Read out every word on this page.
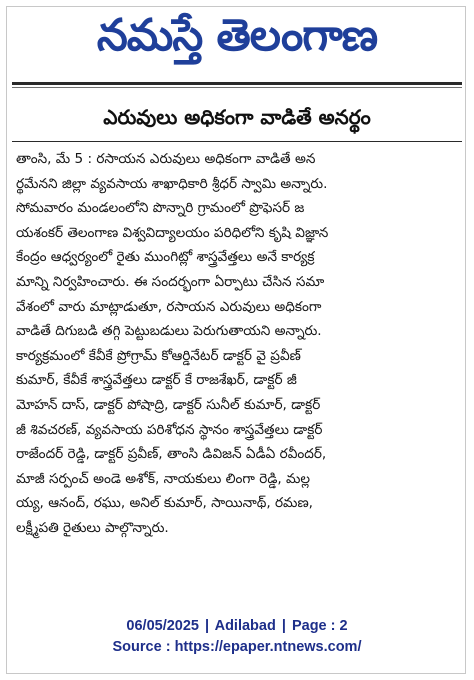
నమస్తే తెలంగాణ
ఎరువులు అధికంగా వాడితే అనర్థం
తాంసి, మే 5 : రసాయన ఎరువులు అధికంగా వాడితే అన
ర్థమేనని జిల్లా వ్యవసాయ శాఖాధికారి శ్రీధర్ స్వామి అన్నారు.
సోమవారం మండలంలోని పొన్నారి గ్రామంలో ప్రొఫెసర్ జ
యశంకర్ తెలంగాణ విశ్వవిద్యాలయం పరిధిలోని కృషి విజ్ఞాన
కేంద్రం ఆధ్వర్యంలో రైతు ముంగిట్లో శాస్త్రవేత్తలు అనే కార్యక్ర
మాన్ని నిర్వహించారు. ఈ సందర్భంగా ఏర్పాటు చేసిన సమా
వేశంలో వారు మాట్లాడుతూ, రసాయన ఎరువులు అధికంగా
వాడితే దిగుబడి తగ్గి పెట్టుబడులు పెరుగుతాయని అన్నారు.
కార్యక్రమంలో కేవీకే ప్రోగ్రామ్ కోఆర్డినేటర్ డాక్టర్ వై ప్రవీణ్
కుమార్, కేవీకే శాస్త్రవేత్తలు డాక్టర్ కే రాజశేఖర్, డాక్టర్ జీ
మోహన్ దాస్, డాక్టర్ పోషాద్రి, డాక్టర్ సునీల్ కుమార్, డాక్టర్
జీ శివచరణ్, వ్యవసాయ పరిశోధన స్థానం శాస్త్రవేత్తలు డాక్టర్
రాజేందర్ రెడ్డి, డాక్టర్ ప్రవీణ్, తాంసి డివిజన్ ఏడీఏ రవీందర్,
మాజీ సర్పంచ్ అండె అశోక్, నాయకులు లింగా రెడ్డి, మల్ల
య్య, ఆనంద్, రఘు, అనిల్ కుమార్, సాయినాథ్, రమణ,
లక్ష్మీపతి రైతులు పాల్గొన్నారు.
06/05/2025 | Adilabad | Page : 2
Source : https://epaper.ntnews.com/
